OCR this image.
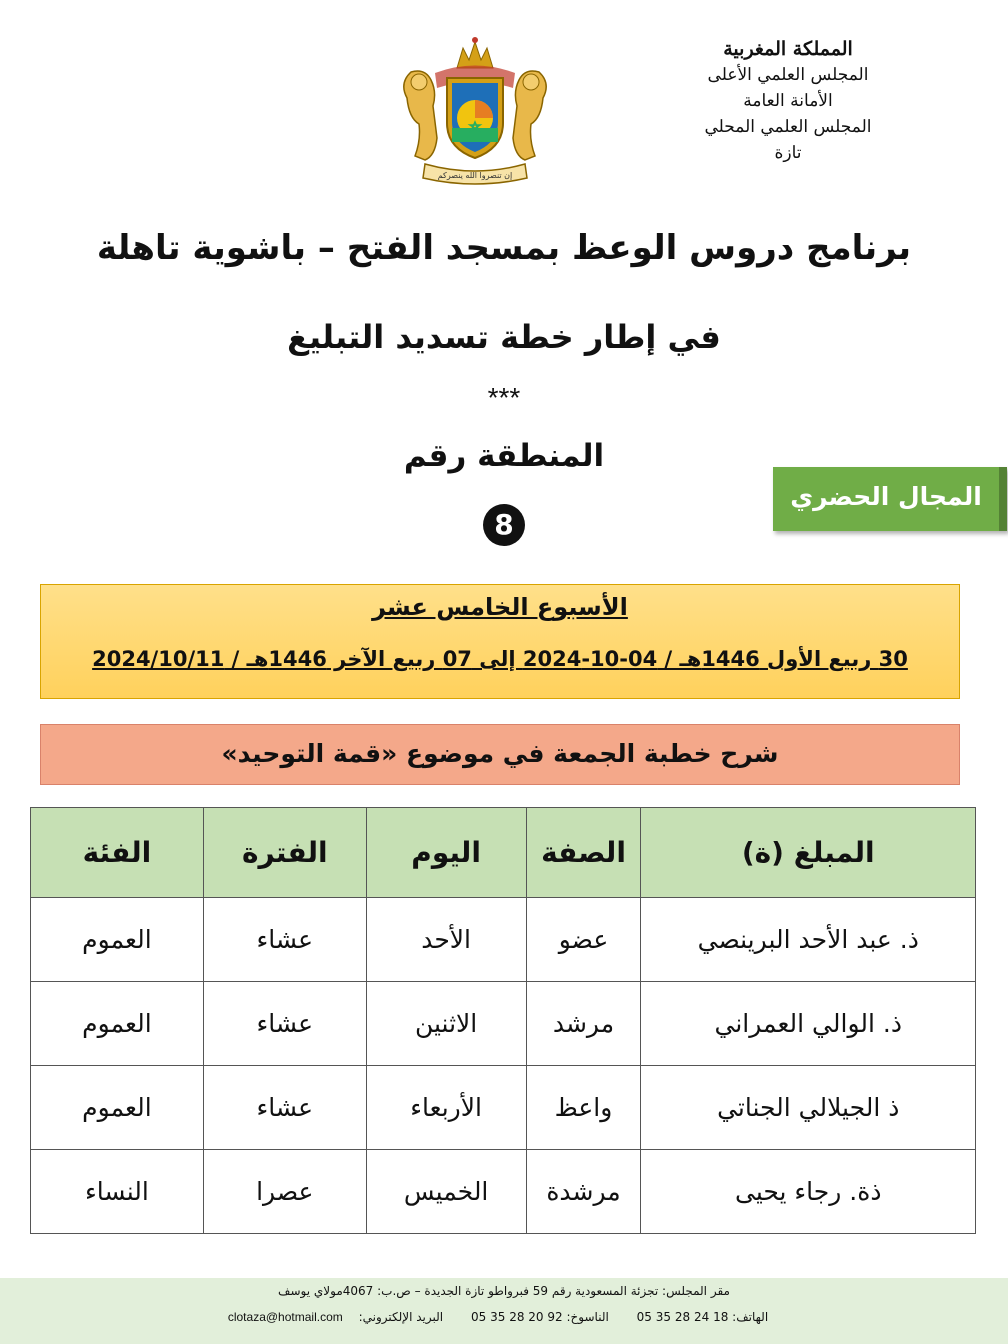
المملكة المغربية
المجلس العلمي الأعلى
الأمانة العامة
المجلس العلمي المحلي
تازة
إن تنصروا الله ينصركم
برنامج دروس الوعظ بمسجد الفتح – باشوية تاهلة
في إطار خطة تسديد التبليغ
***
المنطقة رقم
8
المجال الحضري
الأسبوع الخامس عشر
30 ربيع الأول 1446هـ / 04-10-2024 إلى 07 ربيع الآخر 1446هـ / 2024/10/11
شرح خطبة الجمعة في موضوع «قمة التوحيد»
المبلغ (ة)	الصفة	اليوم	الفترة	الفئة
ذ. عبد الأحد البرينصي	عضو	الأحد	عشاء	العموم
ذ. الوالي العمراني	مرشد	الاثنين	عشاء	العموم
ذ الجيلالي الجناتي	واعظ	الأربعاء	عشاء	العموم
ذة. رجاء يحيى	مرشدة	الخميس	عصرا	النساء
مقر المجلس: تجزئة المسعودية رقم 59 فبرواطو تازة الجديدة – ص.ب: 4067مولاي يوسف
الهاتف: 18 24 28 35 05 الناسوخ: 92 20 28 35 05 البريد الإلكتروني: clotaza@hotmail.com
